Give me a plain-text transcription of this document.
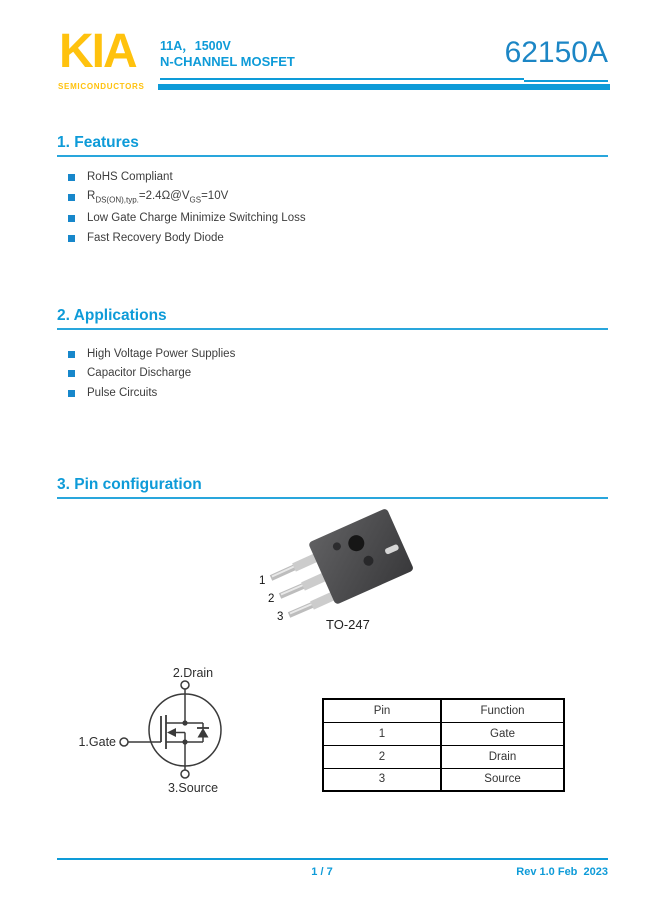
KIA
SEMICONDUCTORS
11A，1500V
N-CHANNEL MOSFET	62150A
1. Features
RoHS Compliant
$R_{DS(ON),typ.}=2.4\Omega@V_{GS}=10V$
Low Gate Charge Minimize Switching Loss
Fast Recovery Body Diode
2. Applications
High Voltage Power Supplies
Capacitor Discharge
Pulse Circuits
3. Pin configuration
1
2
3	TO-247
2.Drain
1.Gate
3.Source
Pin	Function
1	Gate
2	Drain
3	Source
1 / 7	Rev 1.0 Feb  2023
